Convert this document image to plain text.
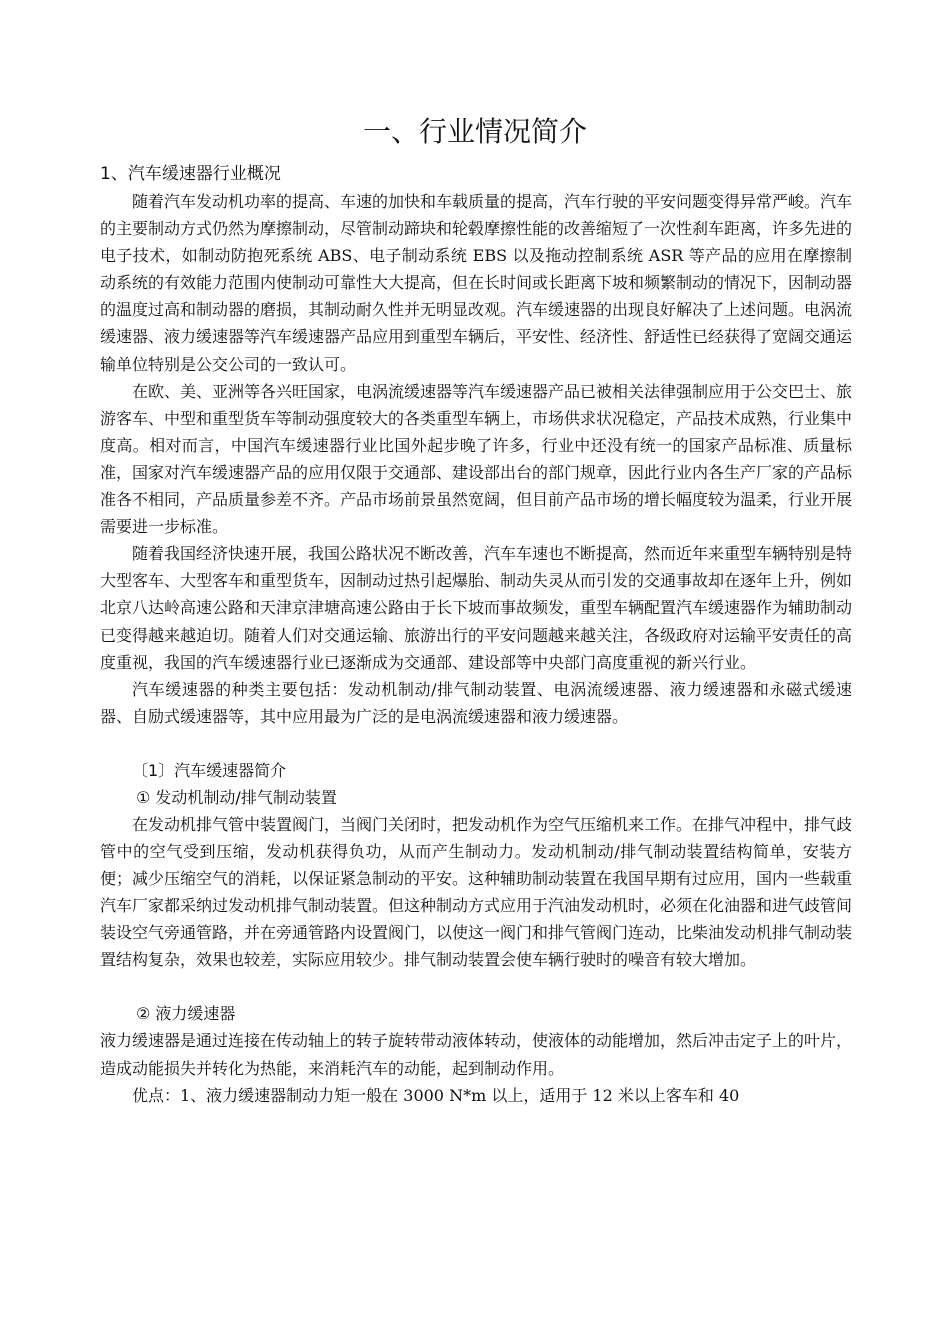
一、行业情况简介
1、汽车缓速器行业概况

随着汽车发动机功率的提高、车速的加快和车载质量的提高，汽车行驶的平安问题变得异常严峻。汽车的主要制动方式仍然为摩擦制动，尽管制动蹄块和轮毂摩擦性能的改善缩短了一次性刹车距离，许多先进的电子技术，如制动防抱死系统 ABS、电子制动系统 EBS 以及拖动控制系统 ASR 等产品的应用在摩擦制动系统的有效能力范围内使制动可靠性大大提高，但在长时间或长距离下坡和频繁制动的情况下，因制动器的温度过高和制动器的磨损，其制动耐久性并无明显改观。汽车缓速器的出现良好解决了上述问题。电涡流缓速器、液力缓速器等汽车缓速器产品应用到重型车辆后，平安性、经济性、舒适性已经获得了宽阔交通运输单位特别是公交公司的一致认可。

在欧、美、亚洲等各兴旺国家，电涡流缓速器等汽车缓速器产品已被相关法律强制应用于公交巴士、旅游客车、中型和重型货车等制动强度较大的各类重型车辆上，市场供求状况稳定，产品技术成熟，行业集中度高。相对而言，中国汽车缓速器行业比国外起步晚了许多，行业中还没有统一的国家产品标准、质量标准，国家对汽车缓速器产品的应用仅限于交通部、建设部出台的部门规章，因此行业内各生产厂家的产品标准各不相同，产品质量参差不齐。产品市场前景虽然宽阔，但目前产品市场的增长幅度较为温柔，行业开展需要进一步标准。

随着我国经济快速开展，我国公路状况不断改善，汽车车速也不断提高，然而近年来重型车辆特别是特大型客车、大型客车和重型货车，因制动过热引起爆胎、制动失灵从而引发的交通事故却在逐年上升，例如北京八达岭高速公路和天津京津塘高速公路由于长下坡而事故频发，重型车辆配置汽车缓速器作为辅助制动已变得越来越迫切。随着人们对交通运输、旅游出行的平安问题越来越关注，各级政府对运输平安责任的高度重视，我国的汽车缓速器行业已逐渐成为交通部、建设部等中央部门高度重视的新兴行业。

汽车缓速器的种类主要包括：发动机制动/排气制动装置、电涡流缓速器、液力缓速器和永磁式缓速器、自励式缓速器等，其中应用最为广泛的是电涡流缓速器和液力缓速器。

〔1〕汽车缓速器简介

① 发动机制动/排气制动装置

在发动机排气管中装置阀门，当阀门关闭时，把发动机作为空气压缩机来工作。在排气冲程中，排气歧管中的空气受到压缩，发动机获得负功，从而产生制动力。发动机制动/排气制动装置结构简单，安装方便；减少压缩空气的消耗，以保证紧急制动的平安。这种辅助制动装置在我国早期有过应用，国内一些载重汽车厂家都采纳过发动机排气制动装置。但这种制动方式应用于汽油发动机时，必须在化油器和进气歧管间装设空气旁通管路，并在旁通管路内设置阀门，以使这一阀门和排气管阀门连动，比柴油发动机排气制动装置结构复杂，效果也较差，实际应用较少。排气制动装置会使车辆行驶时的噪音有较大增加。

② 液力缓速器

液力缓速器是通过连接在传动轴上的转子旋转带动液体转动，使液体的动能增加，然后冲击定子上的叶片，造成动能损失并转化为热能，来消耗汽车的动能，起到制动作用。

优点：1、液力缓速器制动力矩一般在 3000 N*m 以上，适用于 12 米以上客车和 40
